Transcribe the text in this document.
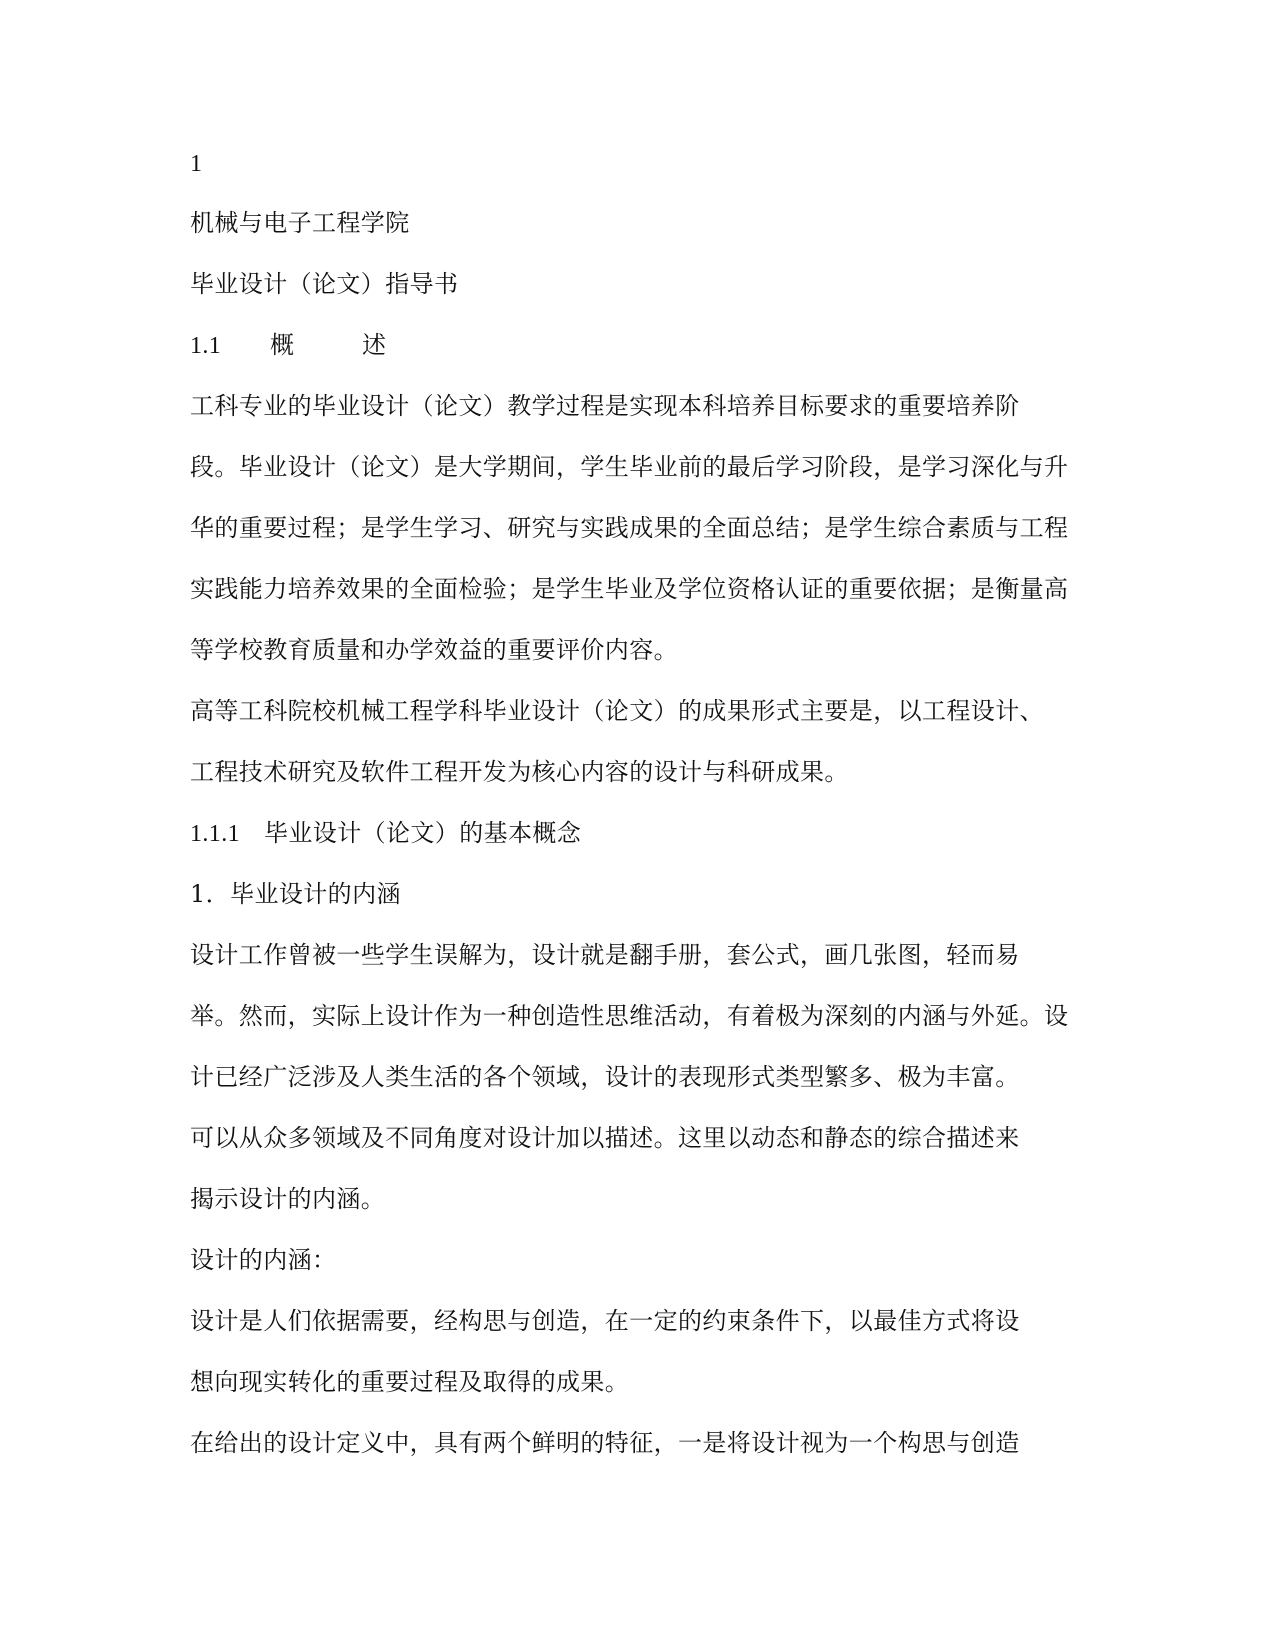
1
机械与电子工程学院
毕业设计（论文）指导书
1.1 概	述
工科专业的毕业设计（论文）教学过程是实现本科培养目标要求的重要培养阶
段。毕业设计（论文）是大学期间，学生毕业前的最后学习阶段，是学习深化与升
华的重要过程；是学生学习、研究与实践成果的全面总结；是学生综合素质与工程
实践能力培养效果的全面检验；是学生毕业及学位资格认证的重要依据；是衡量高
等学校教育质量和办学效益的重要评价内容。
高等工科院校机械工程学科毕业设计（论文）的成果形式主要是，以工程设计、
工程技术研究及软件工程开发为核心内容的设计与科研成果。
1.1.1 毕业设计（论文）的基本概念
1．毕业设计的内涵
设计工作曾被一些学生误解为，设计就是翻手册，套公式，画几张图，轻而易
举。然而，实际上设计作为一种创造性思维活动，有着极为深刻的内涵与外延。设
计已经广泛涉及人类生活的各个领域，设计的表现形式类型繁多、极为丰富。
可以从众多领域及不同角度对设计加以描述。这里以动态和静态的综合描述来
揭示设计的内涵。
设计的内涵：
设计是人们依据需要，经构思与创造，在一定的约束条件下，以最佳方式将设
想向现实转化的重要过程及取得的成果。
在给出的设计定义中，具有两个鲜明的特征，一是将设计视为一个构思与创造
